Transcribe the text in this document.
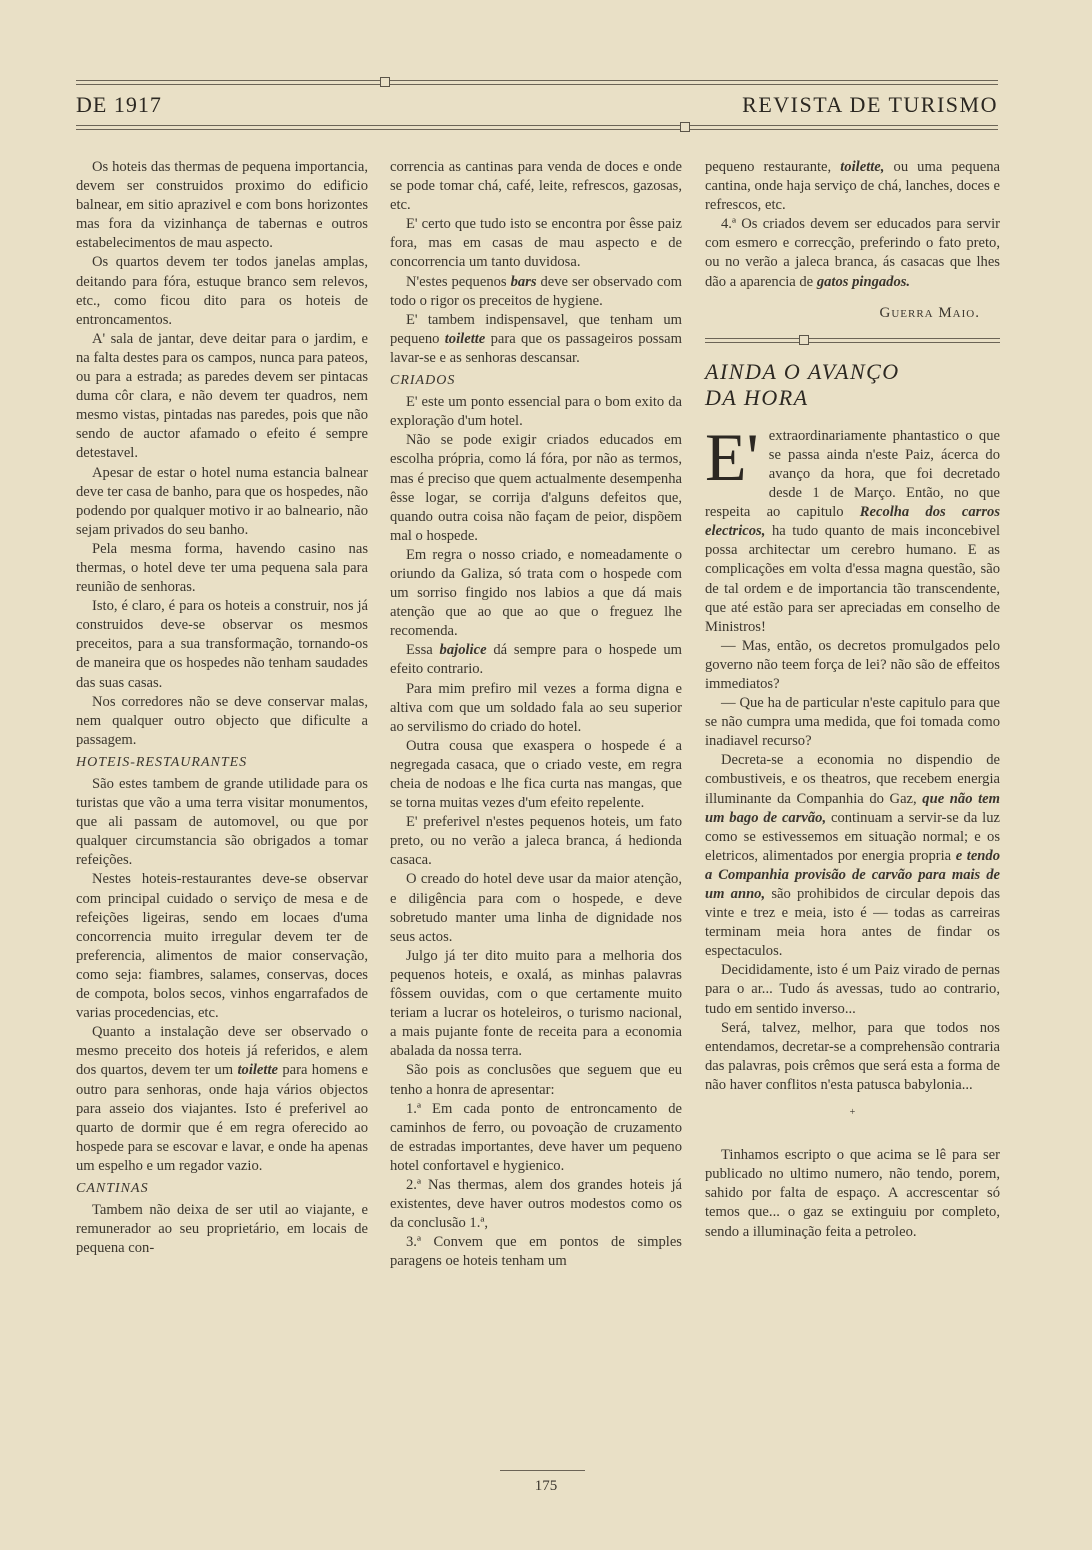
DE 1917	REVISTA DE TURISMO

Os hoteis das thermas de pequena importancia, devem ser construidos proximo do edificio balnear, em sitio aprazivel e com bons horizontes mas fora da vizinhança de tabernas e outros estabelecimentos de mau aspecto.

Os quartos devem ter todos janelas amplas, deitando para fóra, estuque branco sem relevos, etc., como ficou dito para os hoteis de entroncamentos.

A' sala de jantar, deve deitar para o jardim, e na falta destes para os campos, nunca para pateos, ou para a estrada; as paredes devem ser pintacas duma côr clara, e não devem ter quadros, nem mesmo vistas, pintadas nas paredes, pois que não sendo de auctor afamado o efeito é sempre detestavel.

Apesar de estar o hotel numa estancia balnear deve ter casa de banho, para que os hospedes, não podendo por qualquer motivo ir ao balneario, não sejam privados do seu banho.

Pela mesma forma, havendo casino nas thermas, o hotel deve ter uma pequena sala para reunião de senhoras.

Isto, é claro, é para os hoteis a construir, nos já construidos deve-se observar os mesmos preceitos, para a sua transformação, tornando-os de maneira que os hospedes não tenham saudades das suas casas.

Nos corredores não se deve conservar malas, nem qualquer outro objecto que dificulte a passagem.

HOTEIS-RESTAURANTES

São estes tambem de grande utilidade para os turistas que vão a uma terra visitar monumentos, que ali passam de automovel, ou que por qualquer circumstancia são obrigados a tomar refeições.

Nestes hoteis-restaurantes deve-se observar com principal cuidado o serviço de mesa e de refeições ligeiras, sendo em locaes d'uma concorrencia muito irregular devem ter de preferencia, alimentos de maior conservação, como seja: fiambres, salames, conservas, doces de compota, bolos secos, vinhos engarrafados de varias procedencias, etc.

Quanto a instalação deve ser observado o mesmo preceito dos hoteis já referidos, e alem dos quartos, devem ter um toilette para homens e outro para senhoras, onde haja vários objectos para asseio dos viajantes. Isto é preferivel ao quarto de dormir que é em regra oferecido ao hospede para se escovar e lavar, e onde ha apenas um espelho e um regador vazio.

CANTINAS

Tambem não deixa de ser util ao viajante, e remunerador ao seu proprietário, em locais de pequena con-

correncia as cantinas para venda de doces e onde se pode tomar chá, café, leite, refrescos, gazosas, etc.

E' certo que tudo isto se encontra por êsse paiz fora, mas em casas de mau aspecto e de concorrencia um tanto duvidosa.

N'estes pequenos bars deve ser observado com todo o rigor os preceitos de hygiene.

E' tambem indispensavel, que tenham um pequeno toilette para que os passageiros possam lavar-se e as senhoras descansar.

CRIADOS

E' este um ponto essencial para o bom exito da exploração d'um hotel.

Não se pode exigir criados educados em escolha própria, como lá fóra, por não as termos, mas é preciso que quem actualmente desempenha êsse logar, se corrija d'alguns defeitos que, quando outra coisa não façam de peior, dispõem mal o hospede.

Em regra o nosso criado, e nomeadamente o oriundo da Galiza, só trata com o hospede com um sorriso fingido nos labios a que dá mais atenção que ao que ao que o freguez lhe recomenda.

Essa bajolice dá sempre para o hospede um efeito contrario.

Para mim prefiro mil vezes a forma digna e altiva com que um soldado fala ao seu superior ao servilismo do criado do hotel.

Outra cousa que exaspera o hospede é a negregada casaca, que o criado veste, em regra cheia de nodoas e lhe fica curta nas mangas, que se torna muitas vezes d'um efeito repelente.

E' preferivel n'estes pequenos hoteis, um fato preto, ou no verão a jaleca branca, á hedionda casaca.

O creado do hotel deve usar da maior atenção, e diligência para com o hospede, e deve sobretudo manter uma linha de dignidade nos seus actos.

Julgo já ter dito muito para a melhoria dos pequenos hoteis, e oxalá, as minhas palavras fôssem ouvidas, com o que certamente muito teriam a lucrar os hoteleiros, o turismo nacional, a mais pujante fonte de receita para a economia abalada da nossa terra.

São pois as conclusões que seguem que eu tenho a honra de apresentar:

1.ª Em cada ponto de entroncamento de caminhos de ferro, ou povoação de cruzamento de estradas importantes, deve haver um pequeno hotel confortavel e hygienico.

2.ª Nas thermas, alem dos grandes hoteis já existentes, deve haver outros modestos como os da conclusão 1.ª,

3.ª Convem que em pontos de simples paragens oe hoteis tenham um

pequeno restaurante, toilette, ou uma pequena cantina, onde haja serviço de chá, lanches, doces e refrescos, etc.

4.ª Os criados devem ser educados para servir com esmero e correcção, preferindo o fato preto, ou no verão a jaleca branca, ás casacas que lhes dão a aparencia de gatos pingados.

Guerra Maio.
AINDA O AVANÇO
DA HORA
E' extraordinariamente phantastico o que se passa ainda n'este Paiz, ácerca do avanço da hora, que foi decretado desde 1 de Março. Então, no que respeita ao capitulo Recolha dos carros electricos, ha tudo quanto de mais inconcebivel possa architectar um cerebro humano. E as complicações em volta d'essa magna questão, são de tal ordem e de importancia tão transcendente, que até estão para ser apreciadas em conselho de Ministros!

— Mas, então, os decretos promulgados pelo governo não teem força de lei? não são de effeitos immediatos?

— Que ha de particular n'este capitulo para que se não cumpra uma medida, que foi tomada como inadiavel recurso?

Decreta-se a economia no dispendio de combustiveis, e os theatros, que recebem energia illuminante da Companhia do Gaz, que não tem um bago de carvão, continuam a servir-se da luz como se estivessemos em situação normal; e os eletricos, alimentados por energia propria e tendo a Companhia provisão de carvão para mais de um anno, são prohibidos de circular depois das vinte e trez e meia, isto é — todas as carreiras terminam meia hora antes de findar os espectaculos.

Decididamente, isto é um Paiz virado de pernas para o ar... Tudo ás avessas, tudo ao contrario, tudo em sentido inverso...

Será, talvez, melhor, para que todos nos entendamos, decretar-se a comprehensão contraria das palavras, pois crêmos que será esta a forma de não haver conflitos n'esta patusca babylonia...

+

Tinhamos escripto o que acima se lê para ser publicado no ultimo numero, não tendo, porem, sahido por falta de espaço. A accrescentar só temos que... o gaz se extinguiu por completo, sendo a illuminação feita a petroleo.

175
